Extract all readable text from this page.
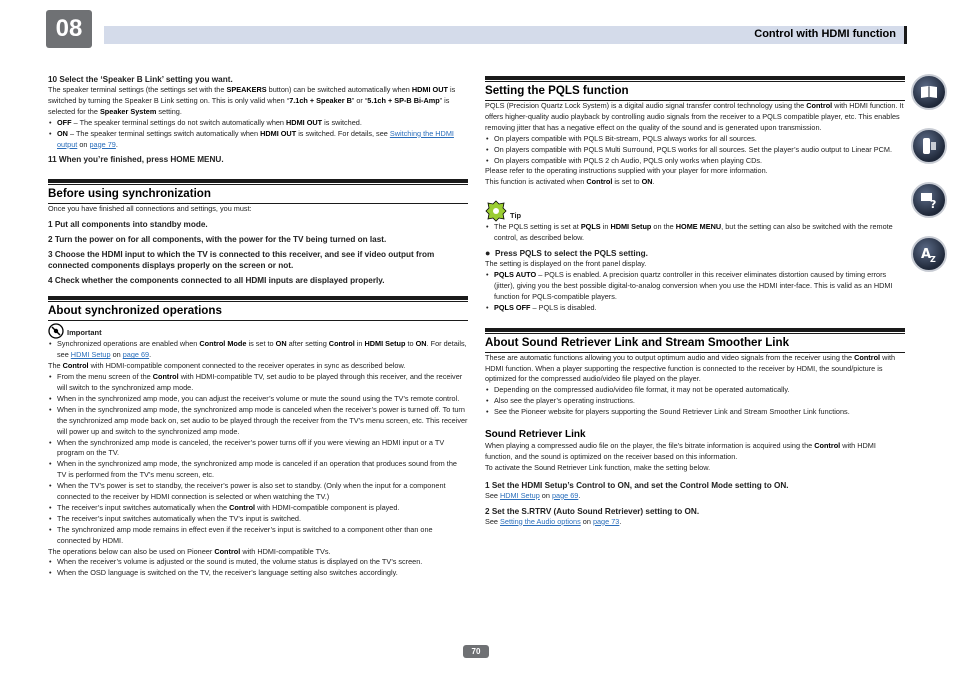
08	Control with HDMI function

10 Select the ‘Speaker B Link’ setting you want.

The speaker terminal settings (the settings set with the SPEAKERS button) can be switched automatically when HDMI OUT is switched by turning the Speaker B Link setting on. This is only valid when “7.1ch + Speaker B” or “5.1ch + SP-B Bi-Amp” is selected for the Speaker System setting.

• OFF – The speaker terminal settings do not switch automatically when HDMI OUT is switched.
• ON – The speaker terminal settings switch automatically when HDMI OUT is switched. For details, see Switching the HDMI output on page 79.

11 When you’re finished, press HOME MENU.

Before using synchronization

Once you have finished all connections and settings, you must:

1 Put all components into standby mode.

2 Turn the power on for all components, with the power for the TV being turned on last.

3 Choose the HDMI input to which the TV is connected to this receiver, and see if video output from connected components displays properly on the screen or not.

4 Check whether the components connected to all HDMI inputs are displayed properly.

About synchronized operations
Important
• Synchronized operations are enabled when Control Mode is set to ON after setting Control in HDMI Setup to ON. For details, see HDMI Setup on page 69.

The Control with HDMI-compatible component connected to the receiver operates in sync as described below.

• From the menu screen of the Control with HDMI-compatible TV, set audio to be played through this receiver, and the receiver will switch to the synchronized amp mode.
• When in the synchronized amp mode, you can adjust the receiver’s volume or mute the sound using the TV’s remote control.
• When in the synchronized amp mode, the synchronized amp mode is canceled when the receiver’s power is turned off. To turn the synchronized amp mode back on, set audio to be played through the receiver from the TV’s menu screen, etc. This receiver will power up and switch to the synchronized amp mode.
• When the synchronized amp mode is canceled, the receiver’s power turns off if you were viewing an HDMI input or a TV program on the TV.
• When in the synchronized amp mode, the synchronized amp mode is canceled if an operation that produces sound from the TV is performed from the TV’s menu screen, etc.
• When the TV’s power is set to standby, the receiver’s power is also set to standby. (Only when the input for a component connected to the receiver by HDMI connection is selected or when watching the TV.)
• The receiver’s input switches automatically when the Control with HDMI-compatible component is played.
• The receiver’s input switches automatically when the TV’s input is switched.
• The synchronized amp mode remains in effect even if the receiver’s input is switched to a component other than one connected by HDMI.

The operations below can also be used on Pioneer Control with HDMI-compatible TVs.

• When the receiver’s volume is adjusted or the sound is muted, the volume status is displayed on the TV’s screen.
• When the OSD language is switched on the TV, the receiver’s language setting also switches accordingly.
Setting the PQLS function

PQLS (Precision Quartz Lock System) is a digital audio signal transfer control technology using the Control with HDMI function. It offers higher-quality audio playback by controlling audio signals from the receiver to a PQLS compatible player, etc. This enables removing jitter that has a negative effect on the quality of the sound and is generated upon transmission.

• On players compatible with PQLS Bit-stream, PQLS always works for all sources.
• On players compatible with PQLS Multi Surround, PQLS works for all sources. Set the player’s audio output to Linear PCM.
• On players compatible with PQLS 2 ch Audio, PQLS only works when playing CDs.

Please refer to the operating instructions supplied with your player for more information.

This function is activated when Control is set to ON.

Tip
• The PQLS setting is set at PQLS in HDMI Setup on the HOME MENU, but the setting can also be switched with the remote control, as described below.

● Press PQLS to select the PQLS setting.

The setting is displayed on the front panel display.

• PQLS AUTO – PQLS is enabled. A precision quartz controller in this receiver eliminates distortion caused by timing errors (jitter), giving you the best possible digital-to-analog conversion when you use the HDMI inter-face. This is valid as an HDMI function for PQLS-compatible players.
• PQLS OFF – PQLS is disabled.
About Sound Retriever Link and Stream Smoother Link

These are automatic functions allowing you to output optimum audio and video signals from the receiver using the Control with HDMI function. When a player supporting the respective function is connected to the receiver by HDMI, the sound/picture is optimized for the compressed audio/video file played on the player.

• Depending on the compressed audio/video file format, it may not be operated automatically.
• Also see the player’s operating instructions.
• See the Pioneer website for players supporting the Sound Retriever Link and Stream Smoother Link functions.

Sound Retriever Link

When playing a compressed audio file on the player, the file’s bitrate information is acquired using the Control with HDMI function, and the sound is optimized on the receiver based on this information.

To activate the Sound Retriever Link function, make the setting below.

1 Set the HDMI Setup’s Control to ON, and set the Control Mode setting to ON.

See HDMI Setup on page 69.

2 Set the S.RTRV (Auto Sound Retriever) setting to ON.

See Setting the Audio options on page 73.

?
A
Z
70
